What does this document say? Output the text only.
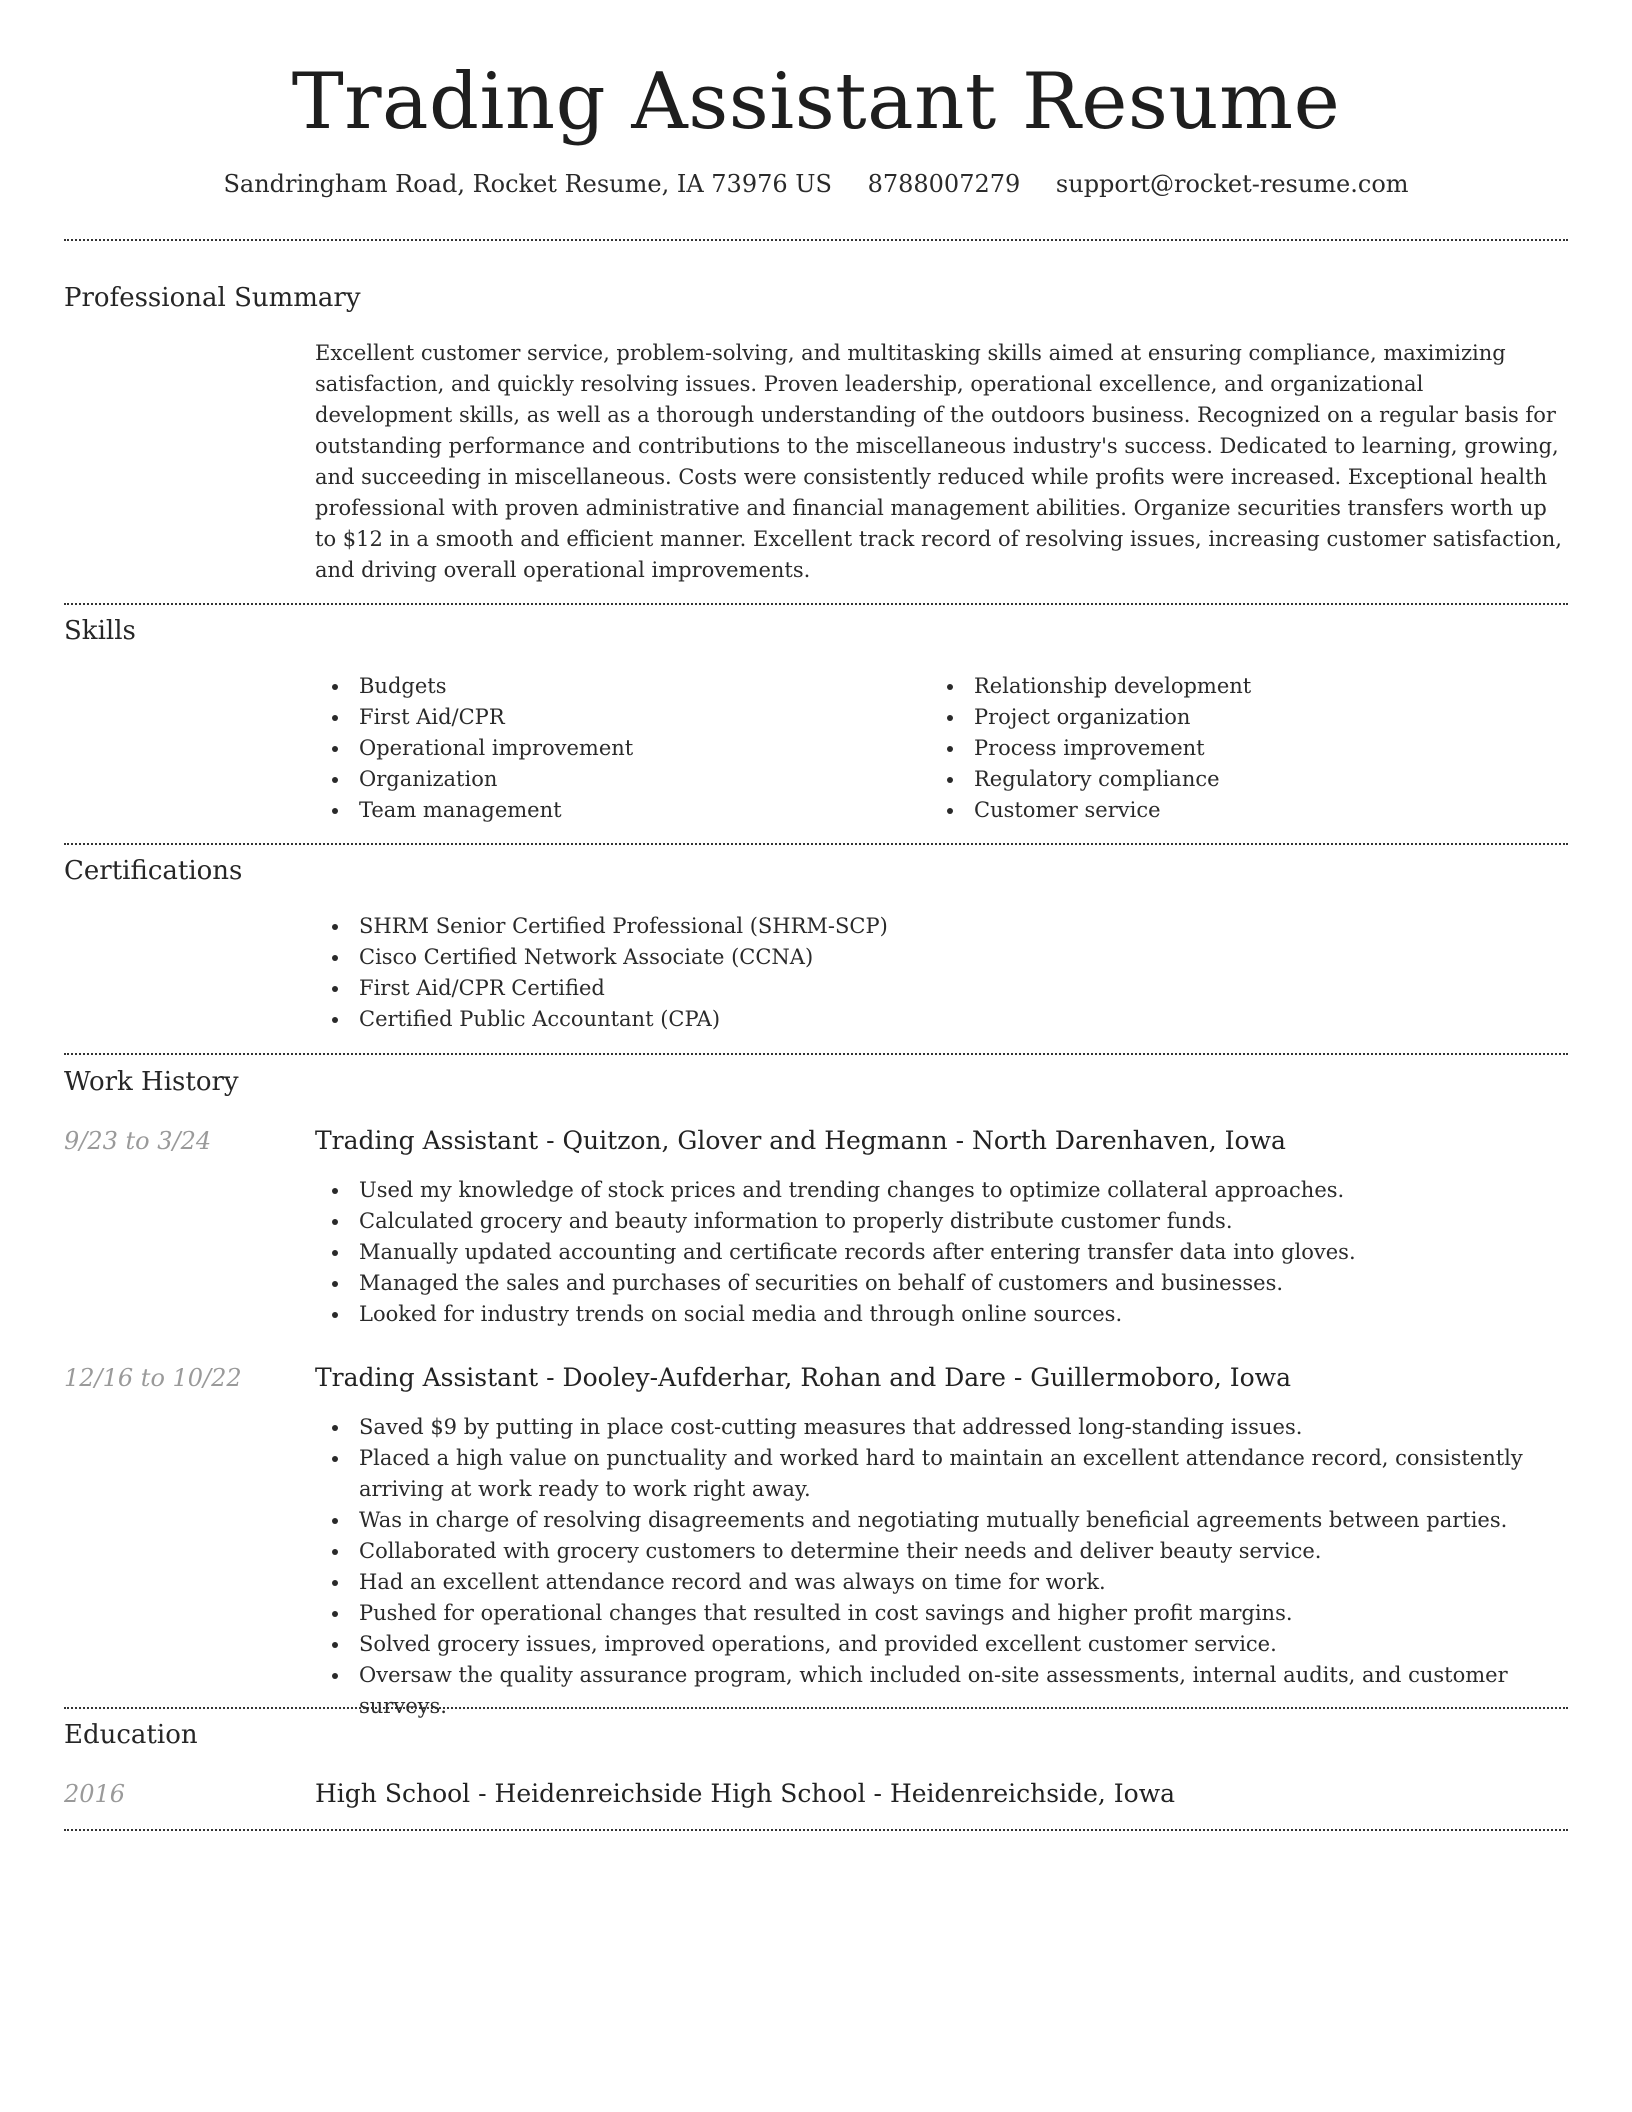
Trading Assistant Resume
Sandringham Road, Rocket Resume, IA 73976 US 8788007279 support@rocket-resume.com
Professional Summary

Excellent customer service, problem-solving, and multitasking skills aimed at ensuring compliance, maximizing satisfaction, and quickly resolving issues. Proven leadership, operational excellence, and organizational development skills, as well as a thorough understanding of the outdoors business. Recognized on a regular basis for outstanding performance and contributions to the miscellaneous industry's success. Dedicated to learning, growing, and succeeding in miscellaneous. Costs were consistently reduced while profits were increased. Exceptional health professional with proven administrative and financial management abilities. Organize securities transfers worth up to $12 in a smooth and efficient manner. Excellent track record of resolving issues, increasing customer satisfaction, and driving overall operational improvements.

Skills
Budgets
First Aid/CPR
Operational improvement
Organization
Team management
Relationship development
Project organization
Process improvement
Regulatory compliance
Customer service
Certifications
SHRM Senior Certified Professional (SHRM-SCP)
Cisco Certified Network Associate (CCNA)
First Aid/CPR Certified
Certified Public Accountant (CPA)
Work History
9/23 to 3/24	Trading Assistant - Quitzon, Glover and Hegmann - North Darenhaven, Iowa
Used my knowledge of stock prices and trending changes to optimize collateral approaches.
Calculated grocery and beauty information to properly distribute customer funds.
Manually updated accounting and certificate records after entering transfer data into gloves.
Managed the sales and purchases of securities on behalf of customers and businesses.
Looked for industry trends on social media and through online sources.
12/16 to 10/22	Trading Assistant - Dooley-Aufderhar, Rohan and Dare - Guillermoboro, Iowa
Saved $9 by putting in place cost-cutting measures that addressed long-standing issues.
Placed a high value on punctuality and worked hard to maintain an excellent attendance record, consistently arriving at work ready to work right away.
Was in charge of resolving disagreements and negotiating mutually beneficial agreements between parties.
Collaborated with grocery customers to determine their needs and deliver beauty service.
Had an excellent attendance record and was always on time for work.
Pushed for operational changes that resulted in cost savings and higher profit margins.
Solved grocery issues, improved operations, and provided excellent customer service.
Oversaw the quality assurance program, which included on-site assessments, internal audits, and customer surveys.
Education
2016	High School - Heidenreichside High School - Heidenreichside, Iowa
